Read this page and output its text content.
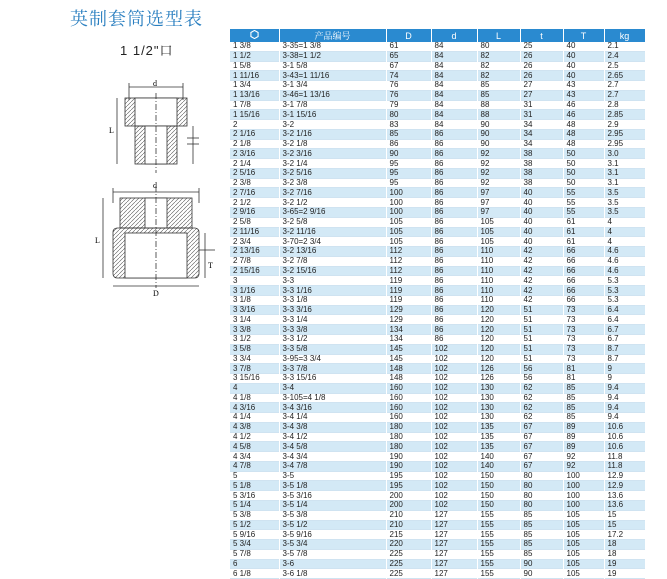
英制套筒选型表
1 1/2"口
d
L
d
L
T
D
	产品编号	D	d	L	t	T	kg
1 3/8	3-35=1 3/8	61	84	80	25	40	2.1
1 1/2	3-38=1 1/2	65	84	82	26	40	2.4
1 5/8	3-1 5/8	67	84	82	26	40	2.5
1 11/16	3-43=1 11/16	74	84	82	26	40	2.65
1 3/4	3-1 3/4	76	84	85	27	43	2.7
1 13/16	3-46=1 13/16	76	84	85	27	43	2.7
1 7/8	3-1 7/8	79	84	88	31	46	2.8
1 15/16	3-1 15/16	80	84	88	31	46	2.85
2	3-2	83	84	90	34	48	2.9
2 1/16	3-2 1/16	85	86	90	34	48	2.95
2 1/8	3-2 1/8	86	86	90	34	48	2.95
2 3/16	3-2 3/16	90	86	92	38	50	3.0
2 1/4	3-2 1/4	95	86	92	38	50	3.1
2 5/16	3-2 5/16	95	86	92	38	50	3.1
2 3/8	3-2 3/8	95	86	92	38	50	3.1
2 7/16	3-2 7/16	100	86	97	40	55	3.5
2 1/2	3-2 1/2	100	86	97	40	55	3.5
2 9/16	3-65=2 9/16	100	86	97	40	55	3.5
2 5/8	3-2 5/8	105	86	105	40	61	4
2 11/16	3-2 11/16	105	86	105	40	61	4
2 3/4	3-70=2 3/4	105	86	105	40	61	4
2 13/16	3-2 13/16	112	86	110	42	66	4.6
2 7/8	3-2 7/8	112	86	110	42	66	4.6
2 15/16	3-2 15/16	112	86	110	42	66	4.6
3	3-3	119	86	110	42	66	5.3
3 1/16	3-3 1/16	119	86	110	42	66	5.3
3 1/8	3-3 1/8	119	86	110	42	66	5.3
3 3/16	3-3 3/16	129	86	120	51	73	6.4
3 1/4	3-3 1/4	129	86	120	51	73	6.4
3 3/8	3-3 3/8	134	86	120	51	73	6.7
3 1/2	3-3 1/2	134	86	120	51	73	6.7
3 5/8	3-3 5/8	145	102	120	51	73	8.7
3 3/4	3-95=3 3/4	145	102	120	51	73	8.7
3 7/8	3-3 7/8	148	102	126	56	81	9
3 15/16	3-3 15/16	148	102	126	56	81	9
4	3-4	160	102	130	62	85	9.4
4 1/8	3-105=4 1/8	160	102	130	62	85	9.4
4 3/16	3-4 3/16	160	102	130	62	85	9.4
4 1/4	3-4 1/4	160	102	130	62	85	9.4
4 3/8	3-4 3/8	180	102	135	67	89	10.6
4 1/2	3-4 1/2	180	102	135	67	89	10.6
4 5/8	3-4 5/8	180	102	135	67	89	10.6
4 3/4	3-4 3/4	190	102	140	67	92	11.8
4 7/8	3-4 7/8	190	102	140	67	92	11.8
5	3-5	195	102	150	80	100	12.9
5 1/8	3-5 1/8	195	102	150	80	100	12.9
5 3/16	3-5 3/16	200	102	150	80	100	13.6
5 1/4	3-5 1/4	200	102	150	80	100	13.6
5 3/8	3-5 3/8	210	127	155	85	105	15
5 1/2	3-5 1/2	210	127	155	85	105	15
5 9/16	3-5 9/16	215	127	155	85	105	17.2
5 3/4	3-5 3/4	220	127	155	85	105	18
5 7/8	3-5 7/8	225	127	155	85	105	18
6	3-6	225	127	155	90	105	19
6 1/8	3-6 1/8	225	127	155	90	105	19
